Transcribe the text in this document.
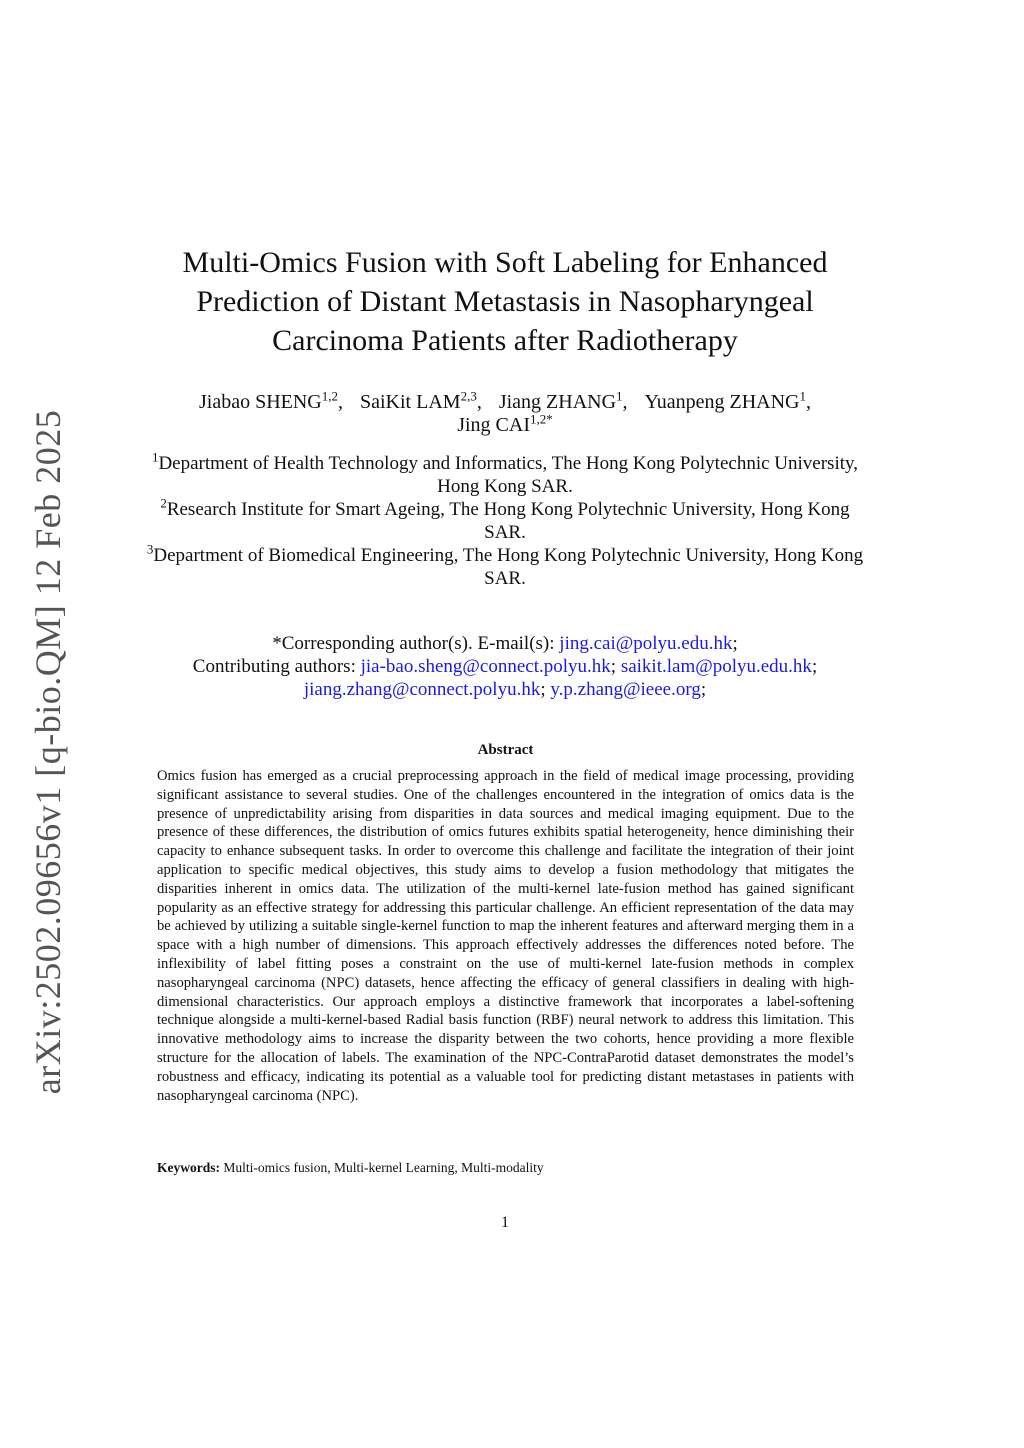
arXiv:2502.09656v1 [q-bio.QM] 12 Feb 2025
Multi-Omics Fusion with Soft Labeling for Enhanced
Prediction of Distant Metastasis in Nasopharyngeal
Carcinoma Patients after Radiotherapy
Jiabao SHENG$^{1,2}$, SaiKit LAM$^{2,3}$, Jiang ZHANG$^1$, Yuanpeng ZHANG$^1$,
Jing $CAI^{1,2*}$
$^1$Department of Health Technology and Informatics, The Hong Kong Polytechnic University, Hong Kong SAR.
$^2$Research Institute for Smart Ageing, The Hong Kong Polytechnic University, Hong Kong SAR.
$^3$Department of Biomedical Engineering, The Hong Kong Polytechnic University, Hong Kong SAR.
*Corresponding author(s). E-mail(s): jing.cai@polyu.edu.hk;
Contributing authors: jia-bao.sheng@connect.polyu.hk; saikit.lam@polyu.edu.hk;
jiang.zhang@connect.polyu.hk; y.p.zhang@ieee.org;
Abstract

Omics fusion has emerged as a crucial preprocessing approach in the field of medical image processing, providing significant assistance to several studies. One of the challenges encountered in the integration of omics data is the presence of unpredictability arising from disparities in data sources and medical imaging equipment. Due to the presence of these differences, the distribution of omics futures exhibits spatial heterogeneity, hence diminishing their capacity to enhance subsequent tasks. In order to overcome this challenge and facilitate the integration of their joint application to specific medical objectives, this study aims to develop a fusion methodology that mitigates the disparities inherent in omics data. The utilization of the multi-kernel late-fusion method has gained significant popularity as an effective strategy for addressing this particular challenge. An efficient representation of the data may be achieved by utilizing a suitable single-kernel function to map the inherent features and afterward merging them in a space with a high number of dimensions. This approach effectively addresses the differences noted before. The inflexibility of label fitting poses a constraint on the use of multi-kernel late-fusion methods in complex nasopharyngeal carcinoma (NPC) datasets, hence affecting the efficacy of general classifiers in dealing with high-dimensional characteristics. Our approach employs a distinctive framework that incorporates a label-softening technique alongside a multi-kernel-based Radial basis function (RBF) neural network to address this limitation. This innovative methodology aims to increase the disparity between the two cohorts, hence providing a more flexible structure for the allocation of labels. The examination of the NPC-ContraParotid dataset demonstrates the model’s robustness and efficacy, indicating its potential as a valuable tool for predicting distant metastases in patients with nasopharyngeal carcinoma (NPC).

Keywords: Multi-omics fusion, Multi-kernel Learning, Multi-modality

1
